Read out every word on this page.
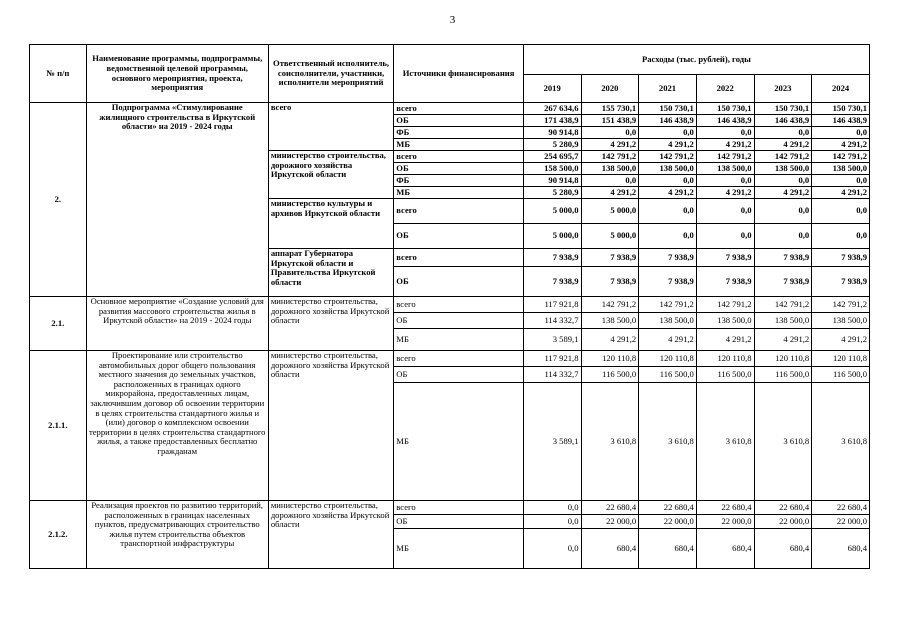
3
№ п/п	Наименование программы, подпрограммы, ведомственной целевой программы, основного мероприятия, проекта, мероприятия	Ответственный исполнитель, соисполнители, участники, исполнители мероприятий	Источники финансирования	Расходы (тыс. рублей), годы					
				2019	2020	2021	2022	2023	2024
2.	Подпрограмма «Стимулирование жилищного строительства в Иркутской области» на 2019 - 2024 годы	всего	всего	267 634,6	155 730,1	150 730,1	150 730,1	150 730,1	150 730,1
			ОБ	171 438,9	151 438,9	146 438,9	146 438,9	146 438,9	146 438,9
			ФБ	90 914,8	0,0	0,0	0,0	0,0	0,0
			МБ	5 280,9	4 291,2	4 291,2	4 291,2	4 291,2	4 291,2
		министерство строительства, дорожного хозяйства Иркутской области	всего	254 695,7	142 791,2	142 791,2	142 791,2	142 791,2	142 791,2
			ОБ	158 500,0	138 500,0	138 500,0	138 500,0	138 500,0	138 500,0
			ФБ	90 914,8	0,0	0,0	0,0	0,0	0,0
			МБ	5 280,9	4 291,2	4 291,2	4 291,2	4 291,2	4 291,2
		министерство культуры и архивов Иркутской области	всего	5 000,0	5 000,0	0,0	0,0	0,0	0,0
			ОБ	5 000,0	5 000,0	0,0	0,0	0,0	0,0
		аппарат Губернатора Иркутской области и Правительства Иркутской области	всего	7 938,9	7 938,9	7 938,9	7 938,9	7 938,9	7 938,9
			ОБ	7 938,9	7 938,9	7 938,9	7 938,9	7 938,9	7 938,9
2.1.	Основное мероприятие «Создание условий для развития массового строительства жилья в Иркутской области» на 2019 - 2024 годы	министерство строительства, дорожного хозяйства Иркутской области	всего	117 921,8	142 791,2	142 791,2	142 791,2	142 791,2	142 791,2
			ОБ	114 332,7	138 500,0	138 500,0	138 500,0	138 500,0	138 500,0
			МБ	3 589,1	4 291,2	4 291,2	4 291,2	4 291,2	4 291,2
2.1.1.	Проектирование или строительство автомобильных дорог общего пользования местного значения до земельных участков, расположенных в границах одного микрорайона, предоставленных лицам, заключившим договор об освоении территории в целях строительства стандартного жилья и (или) договор о комплексном освоении территории в целях строительства стандартного жилья, а также предоставленных бесплатно гражданам	министерство строительства, дорожного хозяйства Иркутской области	всего	117 921,8	120 110,8	120 110,8	120 110,8	120 110,8	120 110,8
			ОБ	114 332,7	116 500,0	116 500,0	116 500,0	116 500,0	116 500,0
			МБ	3 589,1	3 610,8	3 610,8	3 610,8	3 610,8	3 610,8
2.1.2.	Реализация проектов по развитию территорий, расположенных в границах населенных пунктов, предусматривающих строительство жилья путем строительства объектов транспортной инфраструктуры	министерство строительства, дорожного хозяйства Иркутской области	всего	0,0	22 680,4	22 680,4	22 680,4	22 680,4	22 680,4
			ОБ	0,0	22 000,0	22 000,0	22 000,0	22 000,0	22 000,0
			МБ	0,0	680,4	680,4	680,4	680,4	680,4
